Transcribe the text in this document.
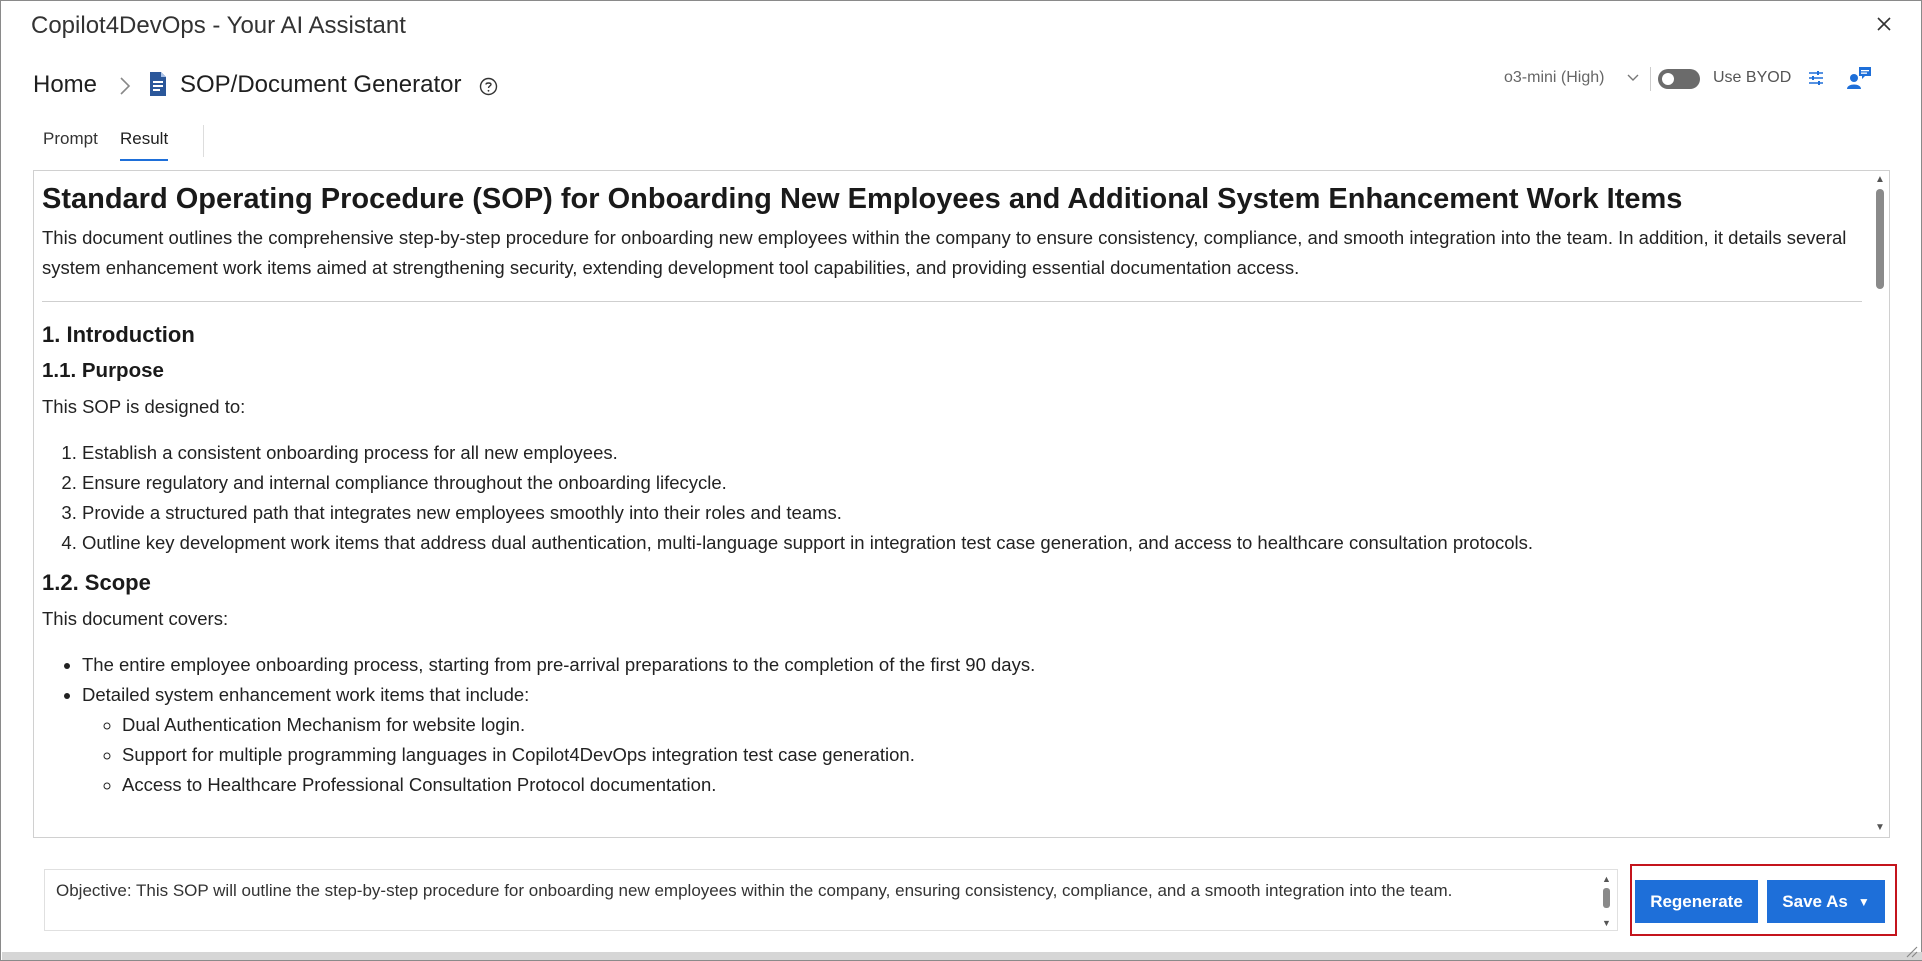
Copilot4DevOps - Your AI Assistant
Home	SOP/Document Generator	o3-mini (High)	Use BYOD
Prompt Result
Standard Operating Procedure (SOP) for Onboarding New Employees and Additional System Enhancement Work Items
This document outlines the comprehensive step-by-step procedure for onboarding new employees within the company to ensure consistency, compliance, and smooth integration into the team. In addition, it details several system enhancement work items aimed at strengthening security, extending development tool capabilities, and providing essential documentation access.
1. Introduction
1.1. Purpose
This SOP is designed to:
1. Establish a consistent onboarding process for all new employees.
2. Ensure regulatory and internal compliance throughout the onboarding lifecycle.
3. Provide a structured path that integrates new employees smoothly into their roles and teams.
4. Outline key development work items that address dual authentication, multi-language support in integration test case generation, and access to healthcare consultation protocols.
1.2. Scope
This document covers:
• The entire employee onboarding process, starting from pre-arrival preparations to the completion of the first 90 days.
• Detailed system enhancement work items that include:
◦ Dual Authentication Mechanism for website login.
◦ Support for multiple programming languages in Copilot4DevOps integration test case generation.
◦ Access to Healthcare Professional Consultation Protocol documentation.
▲
▼
Objective: This SOP will outline the step-by-step procedure for onboarding new employees within the company, ensuring consistency, compliance, and a smooth integration into the team.
▲
▼
Regenerate	Save As ▼
